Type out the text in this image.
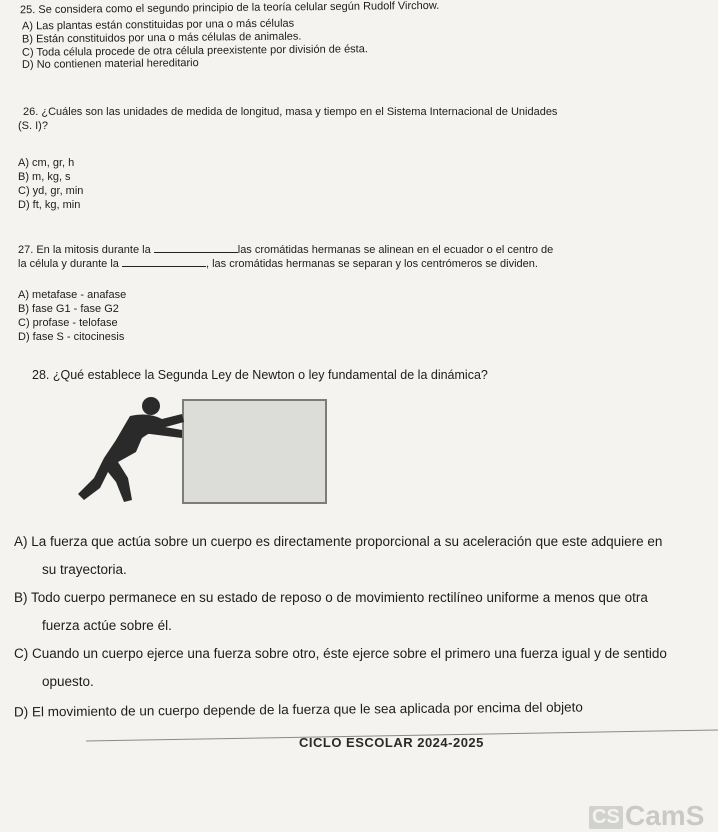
25. Se considera como el segundo principio de la teoría celular según Rudolf Virchow.
A) Las plantas están constituidas por una o más células
B) Están constituidos por una o más células de animales.
C) Toda célula procede de otra célula preexistente por división de ésta.
D) No contienen material hereditario
26. ¿Cuáles son las unidades de medida de longitud, masa y tiempo en el Sistema Internacional de Unidades
(S. I)?
A) cm, gr, h
B) m, kg, s
C) yd, gr, min
D) ft, kg, min
27. En la mitosis durante la	las cromátidas hermanas se alinean en el ecuador o el centro de
la célula y durante la	, las cromátidas hermanas se separan y los centrómeros se dividen.
A) metafase - anafase
B) fase G1 - fase G2
C) profase - telofase
D) fase S - citocinesis
28. ¿Qué establece la Segunda Ley de Newton o ley fundamental de la dinámica?
A) La fuerza que actúa sobre un cuerpo es directamente proporcional a su aceleración que este adquiere en
su trayectoria.
B) Todo cuerpo permanece en su estado de reposo o de movimiento rectilíneo uniforme a menos que otra
fuerza actúe sobre él.
C) Cuando un cuerpo ejerce una fuerza sobre otro, éste ejerce sobre el primero una fuerza igual y de sentido
opuesto.
D) El movimiento de un cuerpo depende de la fuerza que le sea aplicada por encima del objeto
CICLO ESCOLAR 2024-2025
CS CamS
